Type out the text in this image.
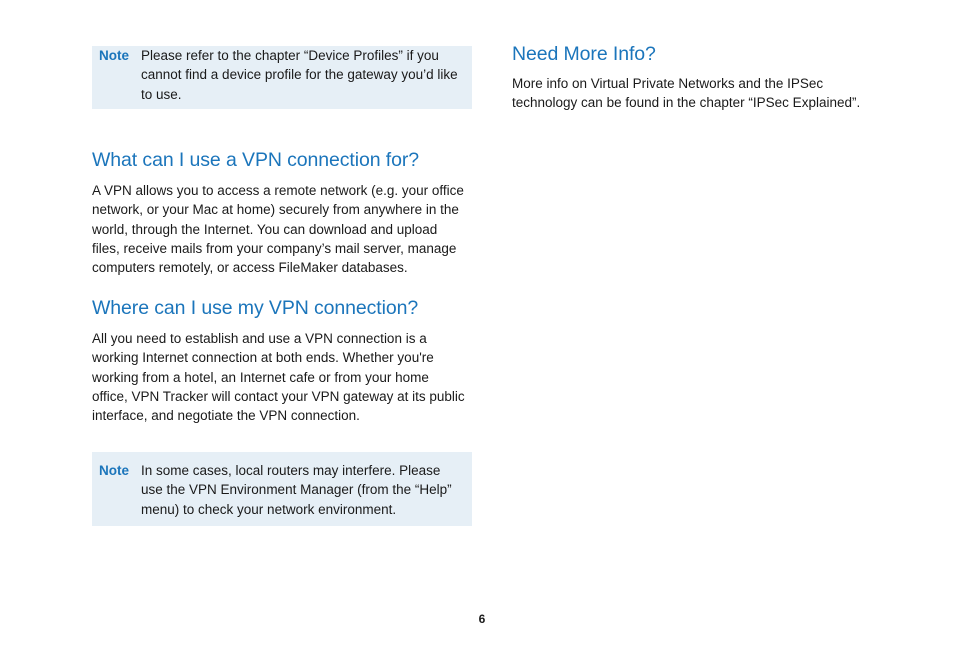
Note Please refer to the chapter “Device Profiles” if you cannot find a device profile for the gateway you’d like to use.
What can I use a VPN connection for?

A VPN allows you to access a remote network (e.g. your office network, or your Mac at home) securely from anywhere in the world, through the Internet. You can download and upload files, receive mails from your company’s mail server, manage computers remotely, or access FileMaker databases.

Where can I use my VPN connection?

All you need to establish and use a VPN connection is a working Internet connection at both ends. Whether you're working from a hotel, an Internet cafe or from your home office, VPN Tracker will contact your VPN gateway at its public interface, and negotiate the VPN connection.

Note In some cases, local routers may interfere. Please use the VPN Environment Manager (from the “Help” menu) to check your network environment.
Need More Info?

More info on Virtual Private Networks and the IPSec technology can be found in the chapter “IPSec Explained”.

6
